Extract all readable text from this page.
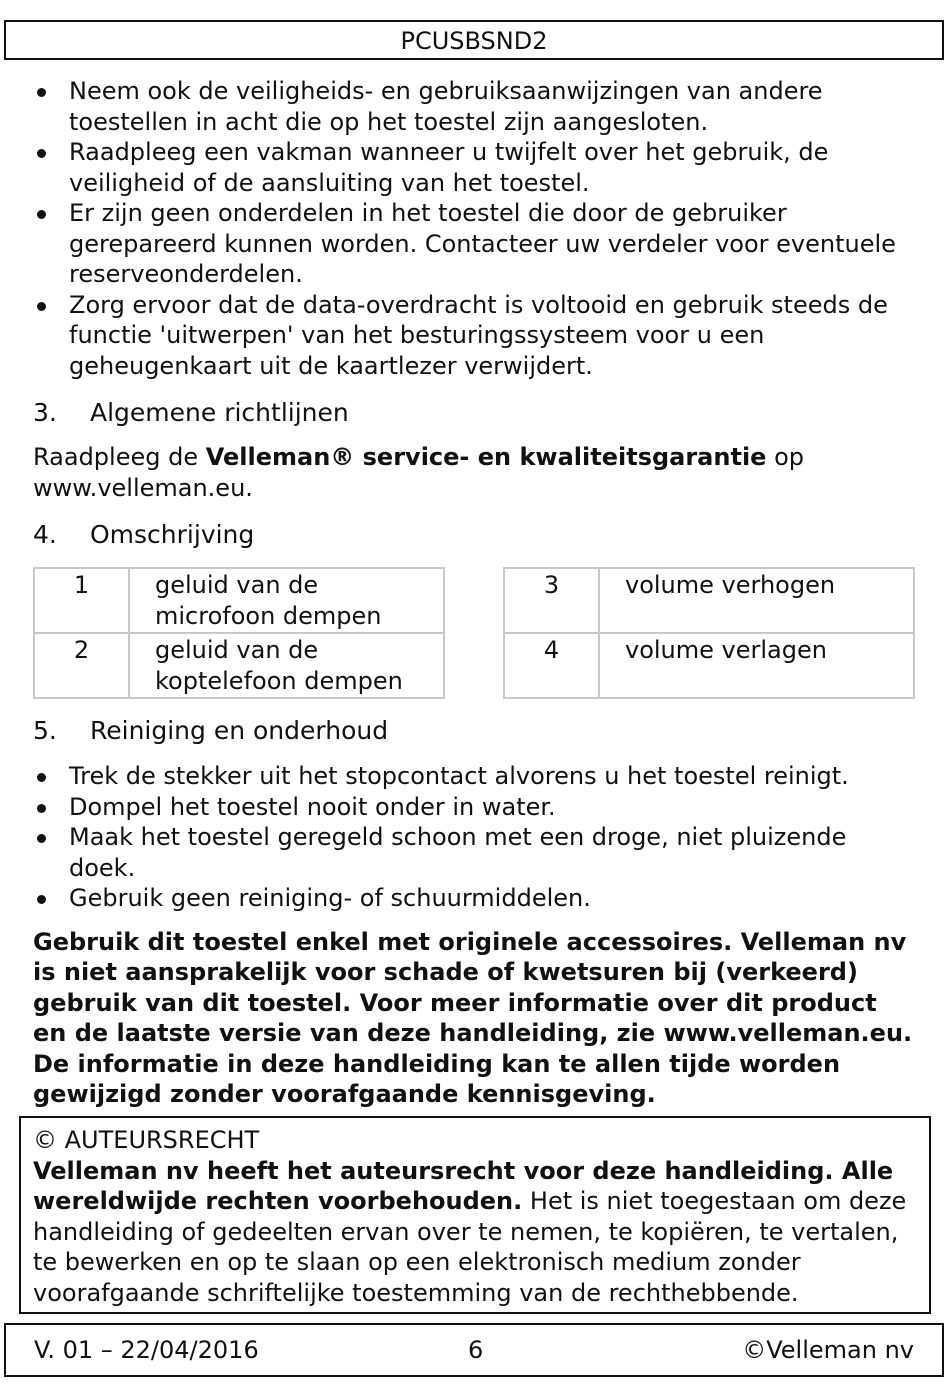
PCUSBSND2
Neem ook de veiligheids- en gebruiksaanwijzingen van andere toestellen in acht die op het toestel zijn aangesloten.
Raadpleeg een vakman wanneer u twijfelt over het gebruik, de veiligheid of de aansluiting van het toestel.
Er zijn geen onderdelen in het toestel die door de gebruiker gerepareerd kunnen worden. Contacteer uw verdeler voor eventuele reserveonderdelen.
Zorg ervoor dat de data-overdracht is voltooid en gebruik steeds de functie 'uitwerpen' van het besturingssysteem voor u een geheugenkaart uit de kaartlezer verwijdert.
3.	Algemene richtlijnen

Raadpleeg de Velleman® service- en kwaliteitsgarantie op www.velleman.eu.

4.	Omschrijving
1	geluid van de microfoon dempen
2	geluid van de koptelefoon dempen
3	volume verhogen
4	volume verlagen
5.	Reiniging en onderhoud
Trek de stekker uit het stopcontact alvorens u het toestel reinigt.
Dompel het toestel nooit onder in water.
Maak het toestel geregeld schoon met een droge, niet pluizende doek.
Gebruik geen reiniging- of schuurmiddelen.

Gebruik dit toestel enkel met originele accessoires. Velleman nv is niet aansprakelijk voor schade of kwetsuren bij (verkeerd) gebruik van dit toestel. Voor meer informatie over dit product en de laatste versie van deze handleiding, zie www.velleman.eu. De informatie in deze handleiding kan te allen tijde worden gewijzigd zonder voorafgaande kennisgeving.

© AUTEURSRECHT

Velleman nv heeft het auteursrecht voor deze handleiding. Alle wereldwijde rechten voorbehouden. Het is niet toegestaan om deze handleiding of gedeelten ervan over te nemen, te kopiëren, te vertalen, te bewerken en op te slaan op een elektronisch medium zonder voorafgaande schriftelijke toestemming van de rechthebbende.

V. 01 – 22/04/2016	6	©Velleman nv
